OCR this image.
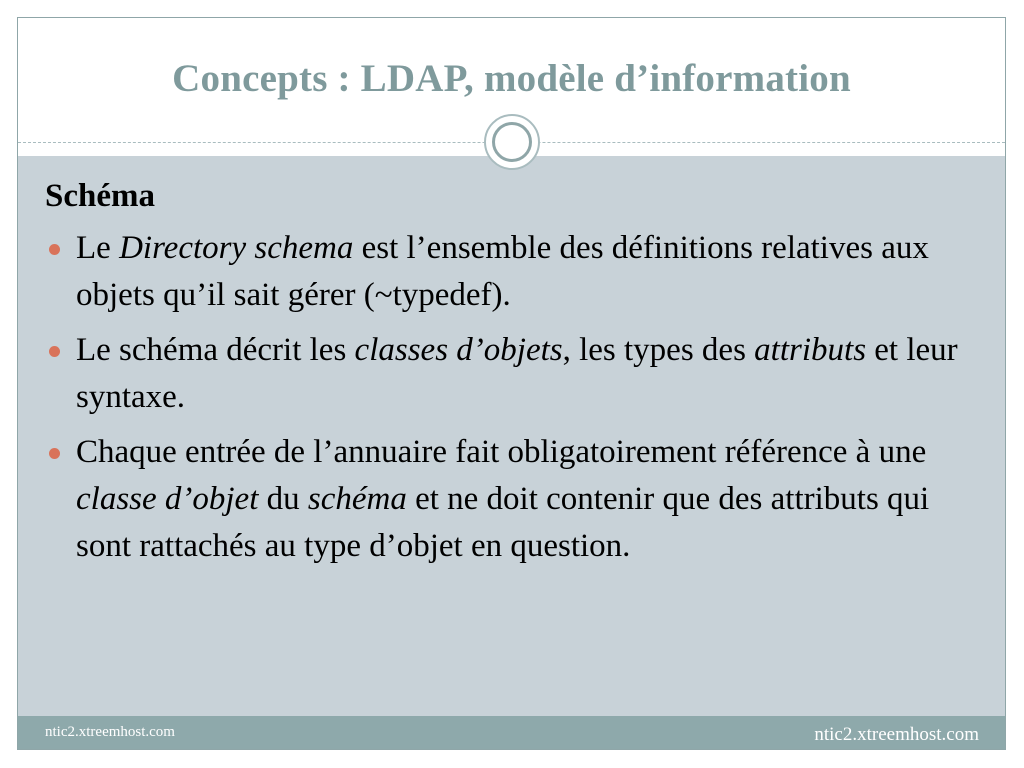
Concepts : LDAP, modèle d’information
Schéma
Le Directory schema est l’ensemble des définitions relatives aux objets qu’il sait gérer (~typedef).
Le schéma décrit les classes d’objets, les types des attributs et leur syntaxe.
Chaque entrée de l’annuaire fait obligatoirement référence à une classe d’objet du schéma et ne doit contenir que des attributs qui sont rattachés au type d’objet en question.
ntic2.xtreemhost.com	ntic2.xtreemhost.com
